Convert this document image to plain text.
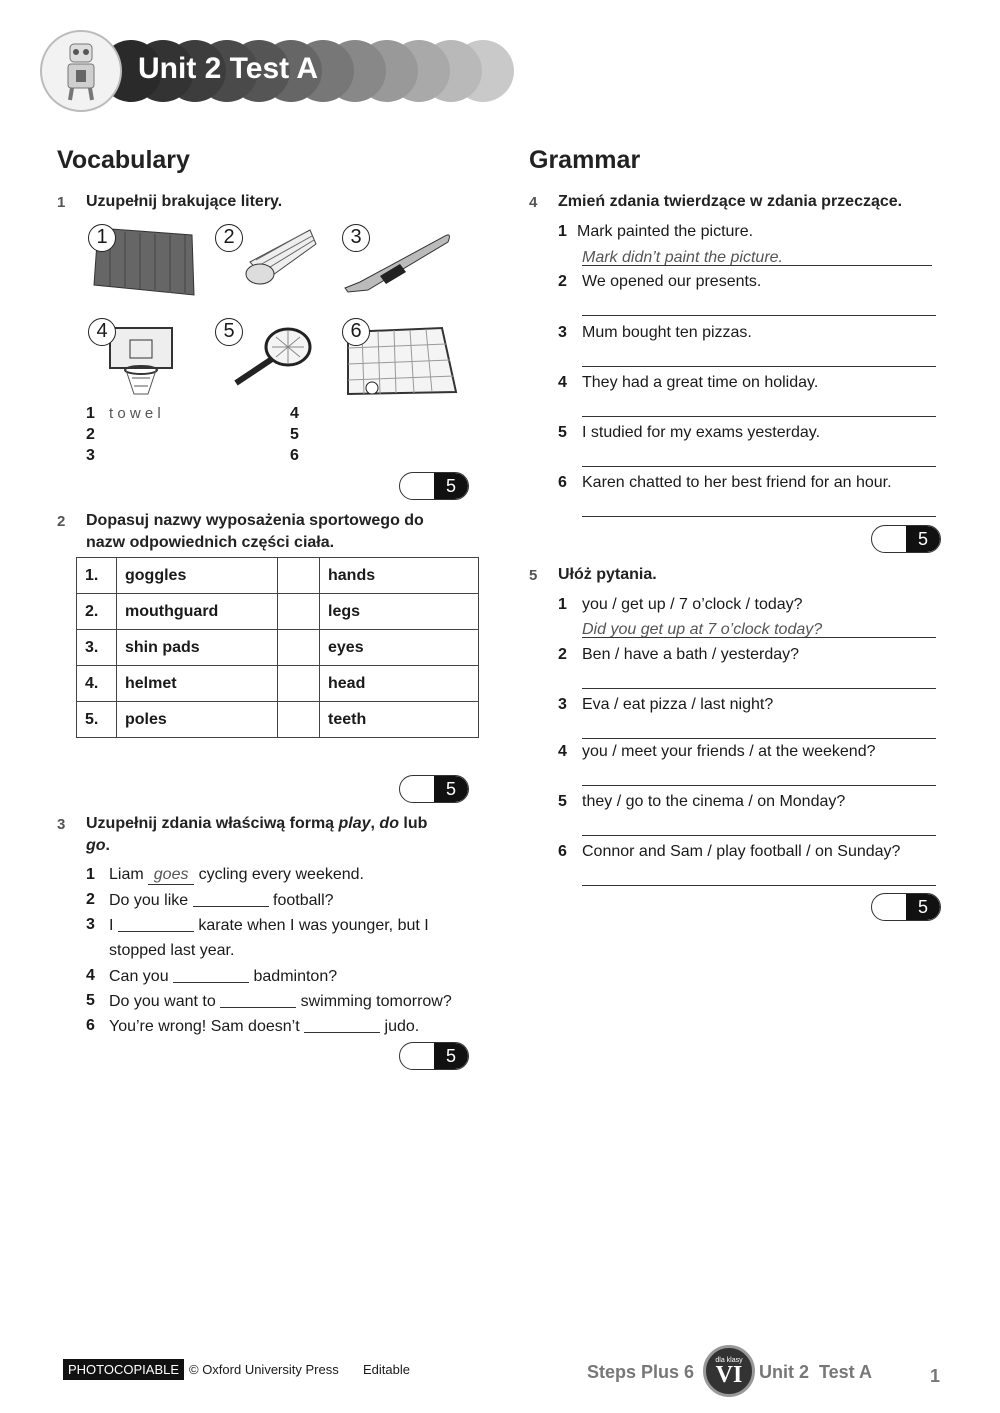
Unit 2 Test A
Vocabulary
1 Uzupełnij brakujące litery.
1	2	3
4	5	6
1 t o w e l
2
3
4
5
6
5
2 Dopasuj nazwy wyposażenia sportowego do
nazw odpowiednich części ciała.
1.	goggles		hands
2.	mouthguard		legs
3.	shin pads		eyes
4.	helmet		head
5.	poles		teeth
5
3 Uzupełnij zdania właściwą formą play, do lub
go.
1 Liam goes cycling every weekend.
2 Do you like	football?
3 I	karate when I was younger, but I
stopped last year.
4 Can you	badminton?
5 Do you want to	swimming tomorrow?
6 You’re wrong! Sam doesn’t	judo.
5
Grammar
4 Zmień zdania twierdzące w zdania przeczące.
1 Mark painted the picture.
Mark didn’t paint the picture.
2 We opened our presents.
3 Mum bought ten pizzas.
4 They had a great time on holiday.
5 I studied for my exams yesterday.
6 Karen chatted to her best friend for an hour.
5
5 Ułóż pytania.
1 you / get up / 7 o’clock / today?
Did you get up at 7 o’clock today?
2 Ben / have a bath / yesterday?
3 Eva / eat pizza / last night?
4 you / meet your friends / at the weekend?
5 they / go to the cinema / on Monday?
6 Connor and Sam / play football / on Sunday?
5
PHOTOCOPIABLE © Oxford University Press Editable	Steps Plus 6
dla klasy
VI Unit 2  Test A	1
